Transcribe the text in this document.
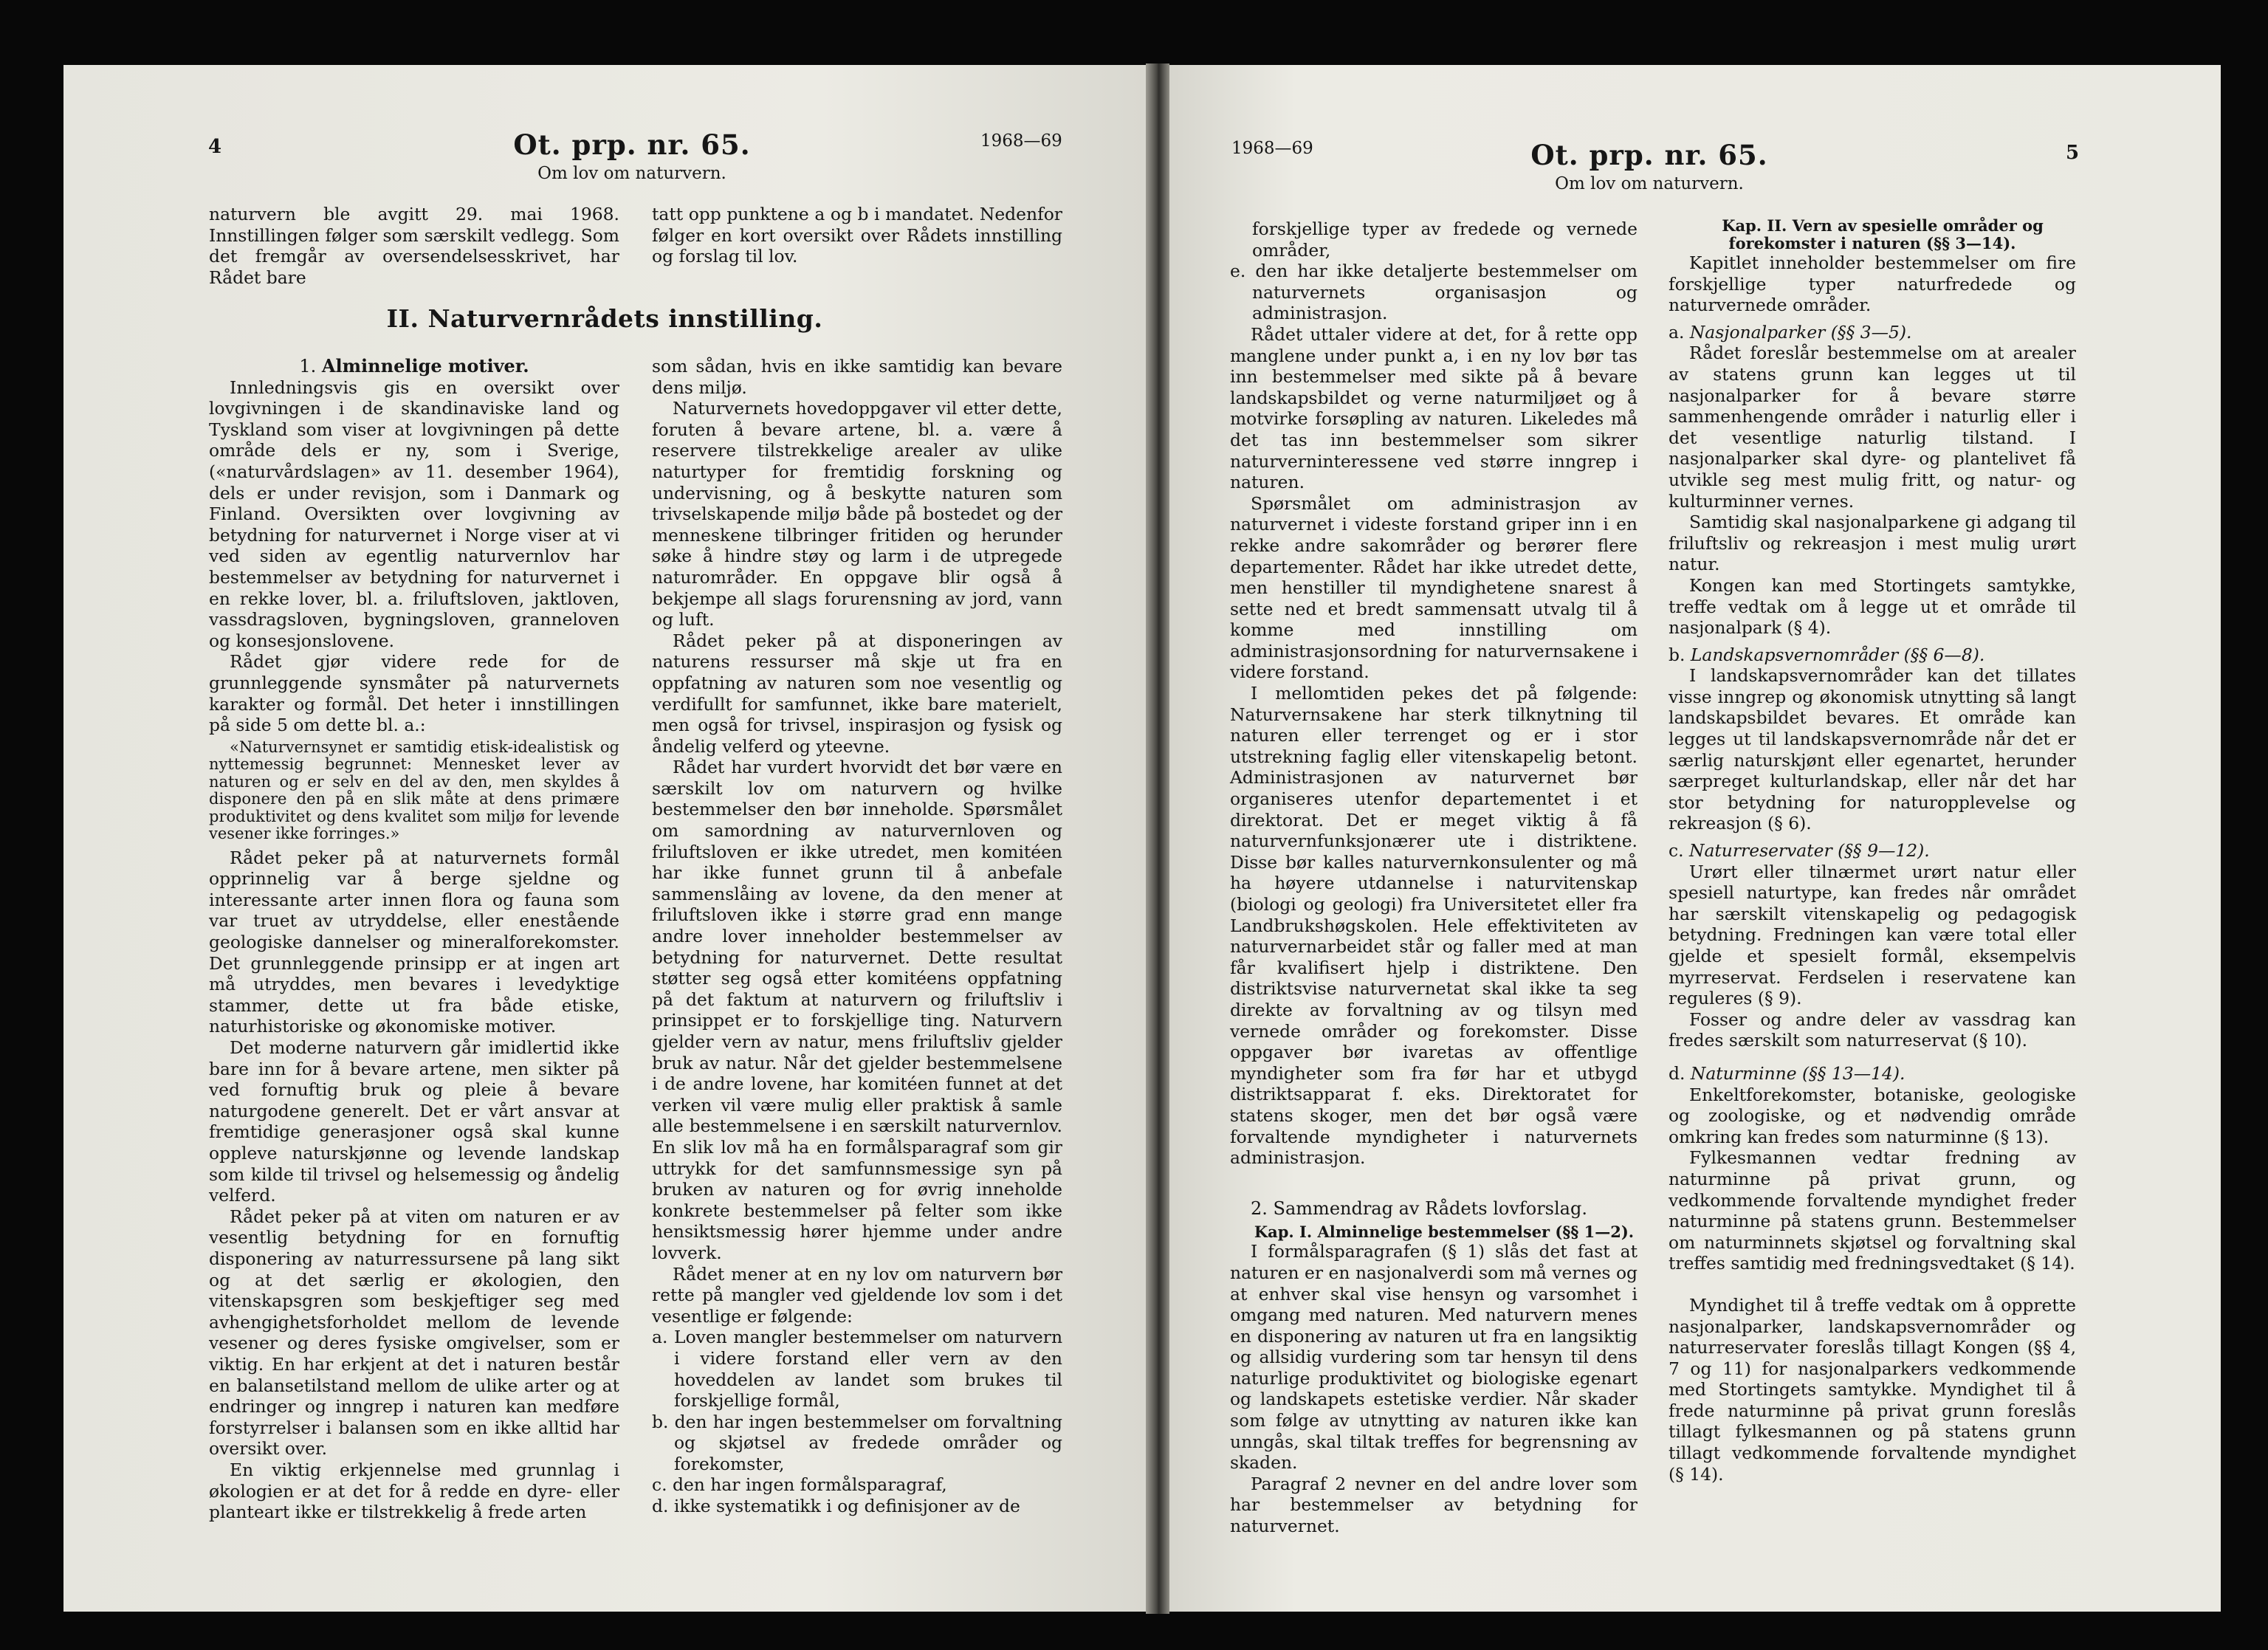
4	Ot. prp. nr. 65.
Om lov om naturvern.
1968—69

naturvern ble avgitt 29. mai 1968. Innstillingen følger som særskilt vedlegg. Som det fremgår av oversendelsesskrivet, har Rådet bare

tatt opp punktene a og b i mandatet. Nedenfor følger en kort oversikt over Rådets innstilling og forslag til lov.

II. Naturvernrådets innstilling.
1. Alminnelige motiver.

Innledningsvis gis en oversikt over lovgivningen i de skandinaviske land og Tyskland som viser at lovgivningen på dette område dels er ny, som i Sverige, («naturvårdslagen» av 11. desember 1964), dels er under revisjon, som i Danmark og Finland. Oversikten over lovgivning av betydning for naturvernet i Norge viser at vi ved siden av egentlig naturvernlov har bestemmelser av betydning for naturvernet i en rekke lover, bl. a. friluftsloven, jaktloven, vassdragsloven, bygningsloven, granneloven og konsesjonslovene.

Rådet gjør videre rede for de grunnleggende synsmåter på naturvernets karakter og formål. Det heter i innstillingen på side 5 om dette bl. a.:

«Naturvernsynet er samtidig etisk-idealistisk og nyttemessig begrunnet: Mennesket lever av naturen og er selv en del av den, men skyldes å disponere den på en slik måte at dens primære produktivitet og dens kvalitet som miljø for levende vesener ikke forringes.»

Rådet peker på at naturvernets formål opprinnelig var å berge sjeldne og interessante arter innen flora og fauna som var truet av utryddelse, eller enestående geologiske dannelser og mineralforekomster. Det grunnleggende prinsipp er at ingen art må utryddes, men bevares i levedyktige stammer, dette ut fra både etiske, naturhistoriske og økonomiske motiver.

Det moderne naturvern går imidlertid ikke bare inn for å bevare artene, men sikter på ved fornuftig bruk og pleie å bevare naturgodene generelt. Det er vårt ansvar at fremtidige generasjoner også skal kunne oppleve naturskjønne og levende landskap som kilde til trivsel og helsemessig og åndelig velferd.

Rådet peker på at viten om naturen er av vesentlig betydning for en fornuftig disponering av naturressursene på lang sikt og at det særlig er økologien, den vitenskapsgren som beskjeftiger seg med avhengighetsforholdet mellom de levende vesener og deres fysiske omgivelser, som er viktig. En har erkjent at det i naturen består en balansetilstand mellom de ulike arter og at endringer og inngrep i naturen kan medføre forstyrrelser i balansen som en ikke alltid har oversikt over.

En viktig erkjennelse med grunnlag i økologien er at det for å redde en dyre- eller planteart ikke er tilstrekkelig å frede arten

som sådan, hvis en ikke samtidig kan bevare dens miljø.

Naturvernets hovedoppgaver vil etter dette, foruten å bevare artene, bl. a. være å reservere tilstrekkelige arealer av ulike naturtyper for fremtidig forskning og undervisning, og å beskytte naturen som trivselskapende miljø både på bostedet og der menneskene tilbringer fritiden og herunder søke å hindre støy og larm i de utpregede naturområder. En oppgave blir også å bekjempe all slags forurensning av jord, vann og luft.

Rådet peker på at disponeringen av naturens ressurser må skje ut fra en oppfatning av naturen som noe vesentlig og verdifullt for samfunnet, ikke bare materielt, men også for trivsel, inspirasjon og fysisk og åndelig velferd og yteevne.

Rådet har vurdert hvorvidt det bør være en særskilt lov om naturvern og hvilke bestemmelser den bør inneholde. Spørsmålet om samordning av naturvernloven og friluftsloven er ikke utredet, men komitéen har ikke funnet grunn til å anbefale sammenslåing av lovene, da den mener at friluftsloven ikke i større grad enn mange andre lover inneholder bestemmelser av betydning for naturvernet. Dette resultat støtter seg også etter komitéens oppfatning på det faktum at naturvern og friluftsliv i prinsippet er to forskjellige ting. Naturvern gjelder vern av natur, mens friluftsliv gjelder bruk av natur. Når det gjelder bestemmelsene i de andre lovene, har komitéen funnet at det verken vil være mulig eller praktisk å samle alle bestemmelsene i en særskilt naturvernlov. En slik lov må ha en formålsparagraf som gir uttrykk for det samfunnsmessige syn på bruken av naturen og for øvrig inneholde konkrete bestemmelser på felter som ikke hensiktsmessig hører hjemme under andre lovverk.

Rådet mener at en ny lov om naturvern bør rette på mangler ved gjeldende lov som i det vesentlige er følgende:

a. Loven mangler bestemmelser om naturvern i videre forstand eller vern av den hoveddelen av landet som brukes til forskjellige formål,

b. den har ingen bestemmelser om forvaltning og skjøtsel av fredede områder og forekomster,

c. den har ingen formålsparagraf,

d. ikke systematikk i og definisjoner av de

1968—69	Ot. prp. nr. 65.
Om lov om naturvern.
5

forskjellige typer av fredede og vernede områder,

e. den har ikke detaljerte bestemmelser om naturvernets organisasjon og administrasjon.

Rådet uttaler videre at det, for å rette opp manglene under punkt a, i en ny lov bør tas inn bestemmelser med sikte på å bevare landskapsbildet og verne naturmiljøet og å motvirke forsøpling av naturen. Likeledes må det tas inn bestemmelser som sikrer naturverninteressene ved større inngrep i naturen.

Spørsmålet om administrasjon av naturvernet i videste forstand griper inn i en rekke andre sakområder og berører flere departementer. Rådet har ikke utredet dette, men henstiller til myndighetene snarest å sette ned et bredt sammensatt utvalg til å komme med innstilling om administrasjonsordning for naturvernsakene i videre forstand.

I mellomtiden pekes det på følgende: Naturvernsakene har sterk tilknytning til naturen eller terrenget og er i stor utstrekning faglig eller vitenskapelig betont. Administrasjonen av naturvernet bør organiseres utenfor departementet i et direktorat. Det er meget viktig å få naturvernfunksjonærer ute i distriktene. Disse bør kalles naturvernkonsulenter og må ha høyere utdannelse i naturvitenskap (biologi og geologi) fra Universitetet eller fra Landbrukshøgskolen. Hele effektiviteten av naturvernarbeidet står og faller med at man får kvalifisert hjelp i distriktene. Den distriktsvise naturvernetat skal ikke ta seg direkte av forvaltning av og tilsyn med vernede områder og forekomster. Disse oppgaver bør ivaretas av offentlige myndigheter som fra før har et utbygd distriktsapparat f. eks. Direktoratet for statens skoger, men det bør også være forvaltende myndigheter i naturvernets administrasjon.

2. Sammendrag av Rådets lovforslag.

Kap. I. Alminnelige bestemmelser (§§ 1—2).

I formålsparagrafen (§ 1) slås det fast at naturen er en nasjonalverdi som må vernes og at enhver skal vise hensyn og varsomhet i omgang med naturen. Med naturvern menes en disponering av naturen ut fra en langsiktig og allsidig vurdering som tar hensyn til dens naturlige produktivitet og biologiske egenart og landskapets estetiske verdier. Når skader som følge av utnytting av naturen ikke kan unngås, skal tiltak treffes for begrensning av skaden.

Paragraf 2 nevner en del andre lover som har bestemmelser av betydning for naturvernet.

Kap. II. Vern av spesielle områder og forekomster i naturen (§§ 3—14).

Kapitlet inneholder bestemmelser om fire forskjellige typer naturfredede og naturvernede områder.

a. Nasjonalparker (§§ 3—5).

Rådet foreslår bestemmelse om at arealer av statens grunn kan legges ut til nasjonalparker for å bevare større sammenhengende områder i naturlig eller i det vesentlige naturlig tilstand. I nasjonalparker skal dyre- og plantelivet få utvikle seg mest mulig fritt, og natur- og kulturminner vernes.

Samtidig skal nasjonalparkene gi adgang til friluftsliv og rekreasjon i mest mulig urørt natur.

Kongen kan med Stortingets samtykke, treffe vedtak om å legge ut et område til nasjonalpark (§ 4).

b. Landskapsvernområder (§§ 6—8).

I landskapsvernområder kan det tillates visse inngrep og økonomisk utnytting så langt landskapsbildet bevares. Et område kan legges ut til landskapsvernområde når det er særlig naturskjønt eller egenartet, herunder særpreget kulturlandskap, eller når det har stor betydning for naturopplevelse og rekreasjon (§ 6).

c. Naturreservater (§§ 9—12).

Urørt eller tilnærmet urørt natur eller spesiell naturtype, kan fredes når området har særskilt vitenskapelig og pedagogisk betydning. Fredningen kan være total eller gjelde et spesielt formål, eksempelvis myrreservat. Ferdselen i reservatene kan reguleres (§ 9).

Fosser og andre deler av vassdrag kan fredes særskilt som naturreservat (§ 10).

d. Naturminne (§§ 13—14).

Enkeltforekomster, botaniske, geologiske og zoologiske, og et nødvendig område omkring kan fredes som naturminne (§ 13).

Fylkesmannen vedtar fredning av naturminne på privat grunn, og vedkommende forvaltende myndighet freder naturminne på statens grunn. Bestemmelser om naturminnets skjøtsel og forvaltning skal treffes samtidig med fredningsvedtaket (§ 14).

Myndighet til å treffe vedtak om å opprette nasjonalparker, landskapsvernområder og naturreservater foreslås tillagt Kongen (§§ 4, 7 og 11) for nasjonalparkers vedkommende med Stortingets samtykke. Myndighet til å frede naturminne på privat grunn foreslås tillagt fylkesmannen og på statens grunn tillagt vedkommende forvaltende myndighet (§ 14).
